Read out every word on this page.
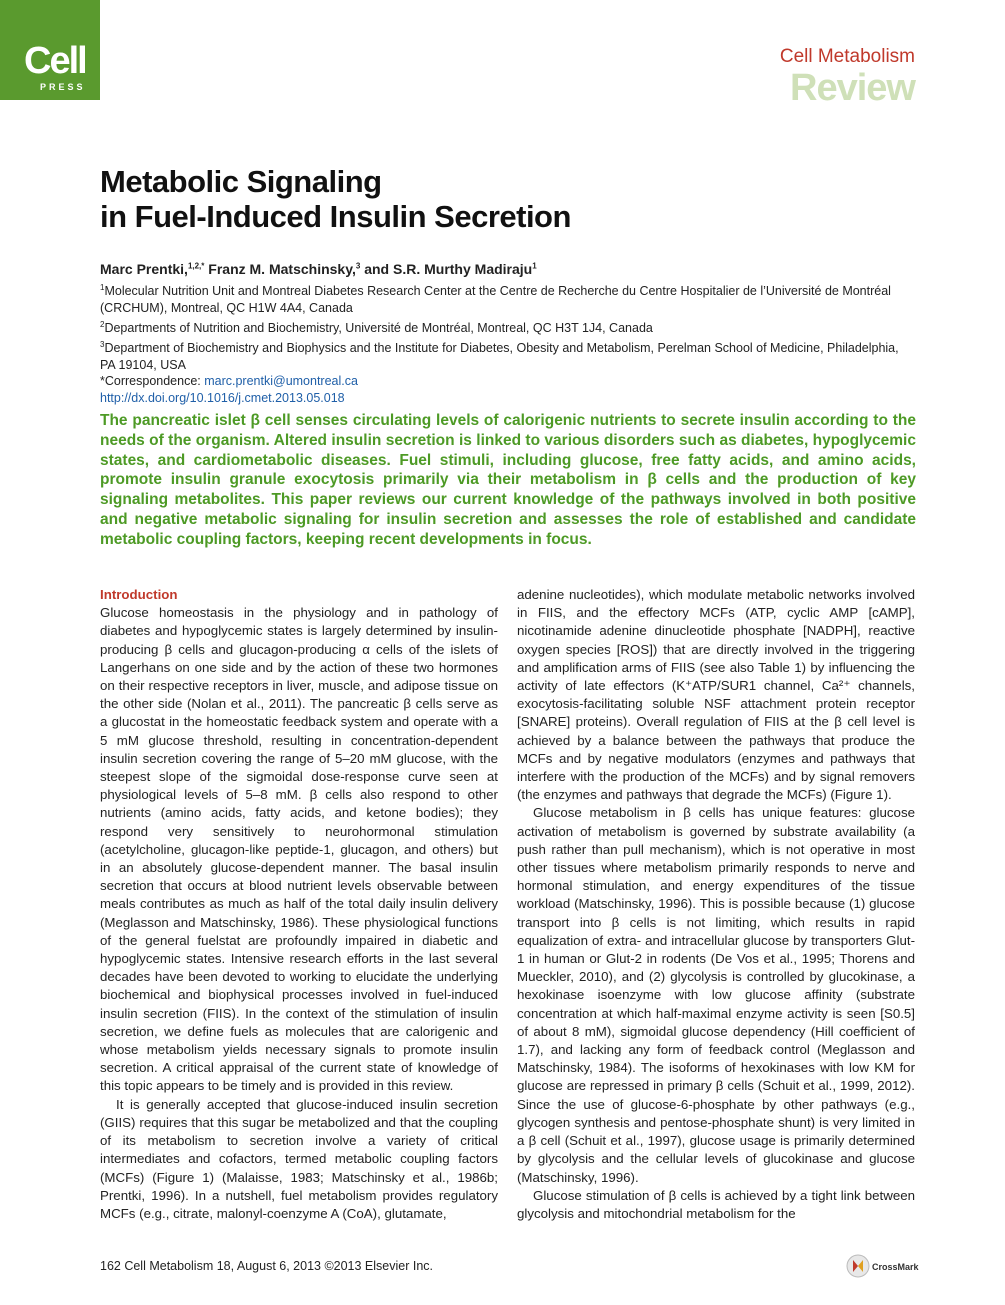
Cell
PRESS
Cell Metabolism
Review
Metabolic Signaling
in Fuel-Induced Insulin Secretion
Marc Prentki,$^{1,2,*}$ Franz M. Matschinsky,$^3$ and S.R. Murthy Madiraju$^1$
$^1$Molecular Nutrition Unit and Montreal Diabetes Research Center at the Centre de Recherche du Centre Hospitalier de l’Université de Montréal (CRCHUM), Montreal, QC H1W 4A4, Canada
$^2$Departments of Nutrition and Biochemistry, Université de Montréal, Montreal, QC H3T 1J4, Canada
$^3$Department of Biochemistry and Biophysics and the Institute for Diabetes, Obesity and Metabolism, Perelman School of Medicine, Philadelphia, PA 19104, USA
*Correspondence: marc.prentki@umontreal.ca
http://dx.doi.org/10.1016/j.cmet.2013.05.018
The pancreatic islet β cell senses circulating levels of calorigenic nutrients to secrete insulin according to the needs of the organism. Altered insulin secretion is linked to various disorders such as diabetes, hypoglycemic states, and cardiometabolic diseases. Fuel stimuli, including glucose, free fatty acids, and amino acids, promote insulin granule exocytosis primarily via their metabolism in β cells and the production of key signaling metabolites. This paper reviews our current knowledge of the pathways involved in both positive and negative metabolic signaling for insulin secretion and assesses the role of established and candidate metabolic coupling factors, keeping recent developments in focus.
Introduction

Glucose homeostasis in the physiology and in pathology of diabetes and hypoglycemic states is largely determined by insulin-producing β cells and glucagon-producing α cells of the islets of Langerhans on one side and by the action of these two hormones on their respective receptors in liver, muscle, and adipose tissue on the other side (Nolan et al., 2011). The pancreatic β cells serve as a glucostat in the homeostatic feedback system and operate with a 5 mM glucose threshold, resulting in concentration-dependent insulin secretion covering the range of 5–20 mM glucose, with the steepest slope of the sigmoidal dose-response curve seen at physiological levels of 5–8 mM. β cells also respond to other nutrients (amino acids, fatty acids, and ketone bodies); they respond very sensitively to neurohormonal stimulation (acetylcholine, glucagon-like peptide-1, glucagon, and others) but in an absolutely glucose-dependent manner. The basal insulin secretion that occurs at blood nutrient levels observable between meals contributes as much as half of the total daily insulin delivery (Meglasson and Matschinsky, 1986). These physiological functions of the general fuelstat are profoundly impaired in diabetic and hypoglycemic states. Intensive research efforts in the last several decades have been devoted to working to elucidate the underlying biochemical and biophysical processes involved in fuel-induced insulin secretion (FIIS). In the context of the stimulation of insulin secretion, we define fuels as molecules that are calorigenic and whose metabolism yields necessary signals to promote insulin secretion. A critical appraisal of the current state of knowledge of this topic appears to be timely and is provided in this review.

It is generally accepted that glucose-induced insulin secretion (GIIS) requires that this sugar be metabolized and that the coupling of its metabolism to secretion involve a variety of critical intermediates and cofactors, termed metabolic coupling factors (MCFs) (Figure 1) (Malaisse, 1983; Matschinsky et al., 1986b; Prentki, 1996). In a nutshell, fuel metabolism provides regulatory MCFs (e.g., citrate, malonyl-coenzyme A (CoA), glutamate,

adenine nucleotides), which modulate metabolic networks involved in FIIS, and the effectory MCFs (ATP, cyclic AMP [cAMP], nicotinamide adenine dinucleotide phosphate [NADPH], reactive oxygen species [ROS]) that are directly involved in the triggering and amplification arms of FIIS (see also Table 1) by influencing the activity of late effectors (K⁺ATP/SUR1 channel, Ca²⁺ channels, exocytosis-facilitating soluble NSF attachment protein receptor [SNARE] proteins). Overall regulation of FIIS at the β cell level is achieved by a balance between the pathways that produce the MCFs and by negative modulators (enzymes and pathways that interfere with the production of the MCFs) and by signal removers (the enzymes and pathways that degrade the MCFs) (Figure 1).

Glucose metabolism in β cells has unique features: glucose activation of metabolism is governed by substrate availability (a push rather than pull mechanism), which is not operative in most other tissues where metabolism primarily responds to nerve and hormonal stimulation, and energy expenditures of the tissue workload (Matschinsky, 1996). This is possible because (1) glucose transport into β cells is not limiting, which results in rapid equalization of extra- and intracellular glucose by transporters Glut-1 in human or Glut-2 in rodents (De Vos et al., 1995; Thorens and Mueckler, 2010), and (2) glycolysis is controlled by glucokinase, a hexokinase isoenzyme with low glucose affinity (substrate concentration at which half-maximal enzyme activity is seen [S0.5] of about 8 mM), sigmoidal glucose dependency (Hill coefficient of 1.7), and lacking any form of feedback control (Meglasson and Matschinsky, 1984). The isoforms of hexokinases with low KM for glucose are repressed in primary β cells (Schuit et al., 1999, 2012). Since the use of glucose-6-phosphate by other pathways (e.g., glycogen synthesis and pentose-phosphate shunt) is very limited in a β cell (Schuit et al., 1997), glucose usage is primarily determined by glycolysis and the cellular levels of glucokinase and glucose (Matschinsky, 1996).

Glucose stimulation of β cells is achieved by a tight link between glycolysis and mitochondrial metabolism for the

162 Cell Metabolism 18, August 6, 2013 ©2013 Elsevier Inc.	CrossMark
